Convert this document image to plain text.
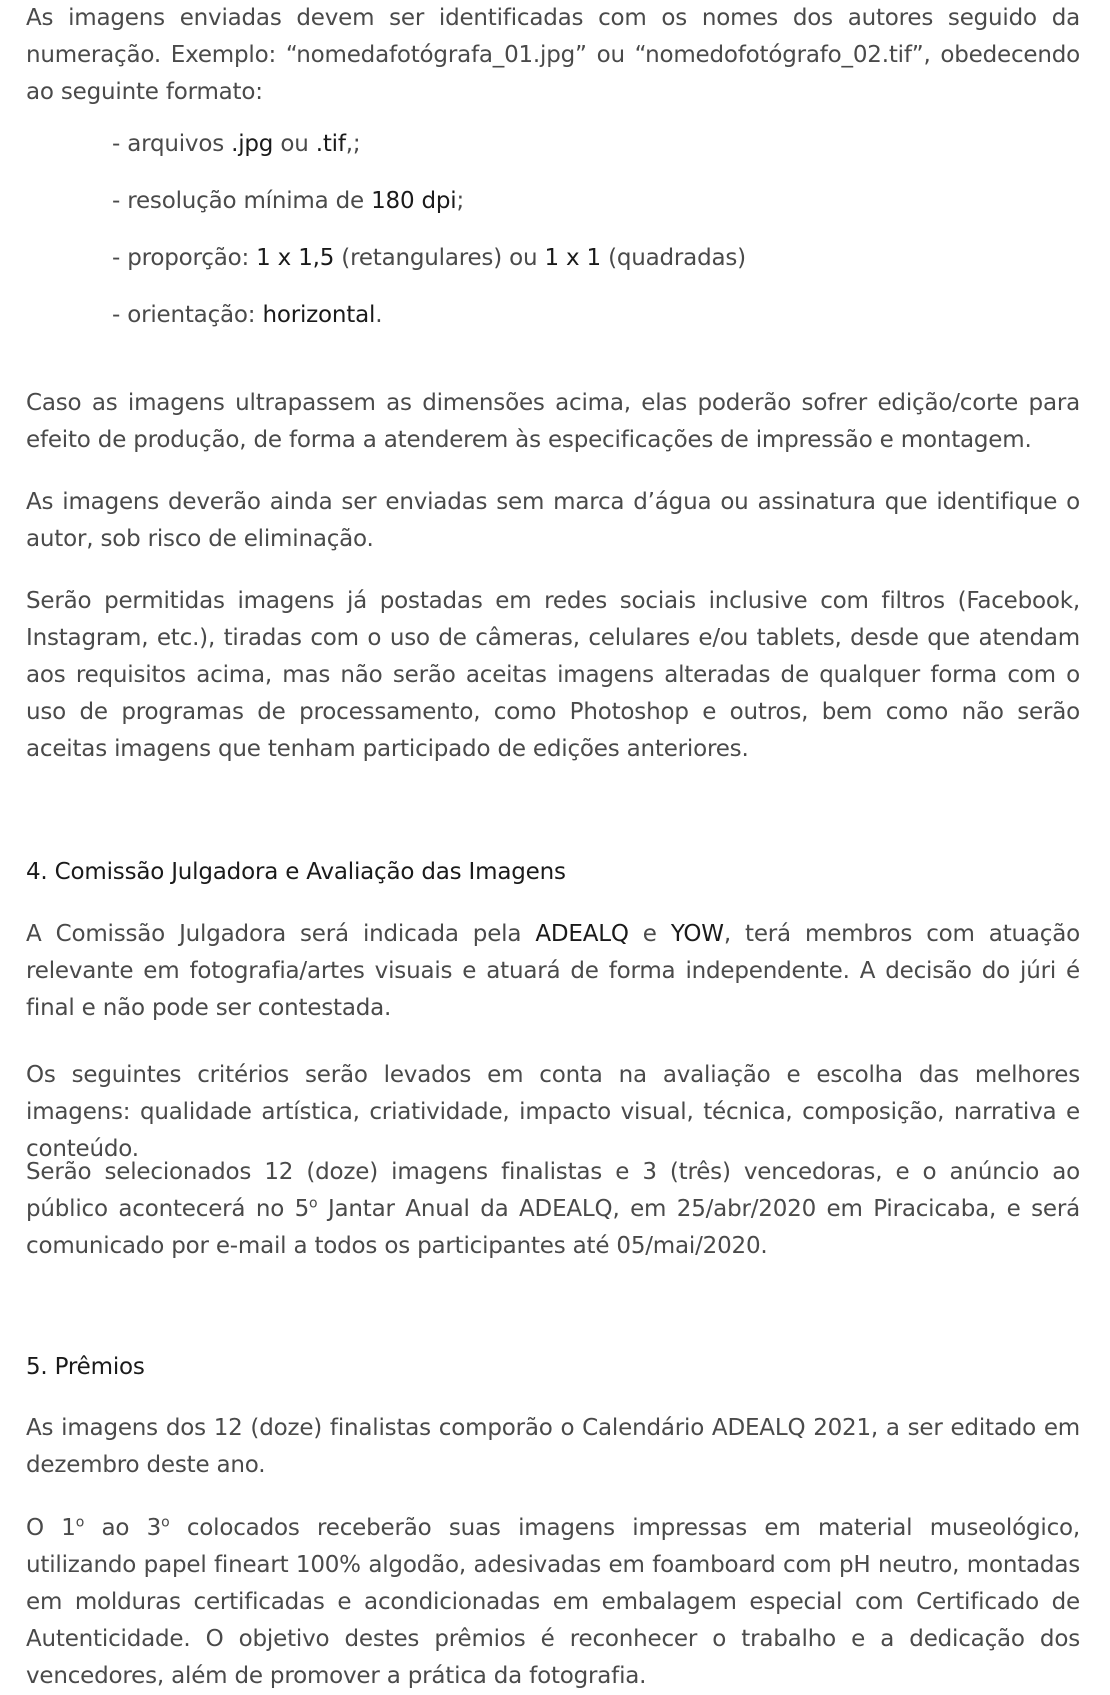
As imagens enviadas devem ser identificadas com os nomes dos autores seguido da numeração. Exemplo: “nomedafotógrafa_01.jpg” ou “nomedofotógrafo_02.tif”, obedecendo ao seguinte formato:

- arquivos .jpg ou .tif,;

- resolução mínima de 180 dpi;

- proporção: 1 x 1,5 (retangulares) ou 1 x 1 (quadradas)

- orientação: horizontal.

Caso as imagens ultrapassem as dimensões acima, elas poderão sofrer edição/corte para efeito de produção, de forma a atenderem às especificações de impressão e montagem.

As imagens deverão ainda ser enviadas sem marca d’água ou assinatura que identifique o autor, sob risco de eliminação.

Serão permitidas imagens já postadas em redes sociais inclusive com filtros (Facebook, Instagram, etc.), tiradas com o uso de câmeras, celulares e/ou tablets, desde que atendam aos requisitos acima, mas não serão aceitas imagens alteradas de qualquer forma com o uso de programas de processamento, como Photoshop e outros, bem como não serão aceitas imagens que tenham participado de edições anteriores.

4. Comissão Julgadora e Avaliação das Imagens

A Comissão Julgadora será indicada pela ADEALQ e YOW, terá membros com atuação relevante em fotografia/artes visuais e atuará de forma independente. A decisão do júri é final e não pode ser contestada.

Os seguintes critérios serão levados em conta na avaliação e escolha das melhores imagens: qualidade artística, criatividade, impacto visual, técnica, composição, narrativa e conteúdo.

Serão selecionados 12 (doze) imagens finalistas e 3 (três) vencedoras, e o anúncio ao público acontecerá no 5$^o$ Jantar Anual da ADEALQ, em 25/abr/2020 em Piracicaba, e será comunicado por e-mail a todos os participantes até 05/mai/2020.

5. Prêmios

As imagens dos 12 (doze) finalistas comporão o Calendário ADEALQ 2021, a ser editado em dezembro deste ano.

O 1$^o$ ao 3$^o$ colocados receberão suas imagens impressas em material museológico, utilizando papel fineart 100% algodão, adesivadas em foamboard com pH neutro, montadas em molduras certificadas e acondicionadas em embalagem especial com Certificado de Autenticidade. O objetivo destes prêmios é reconhecer o trabalho e a dedicação dos vencedores, além de promover a prática da fotografia.
